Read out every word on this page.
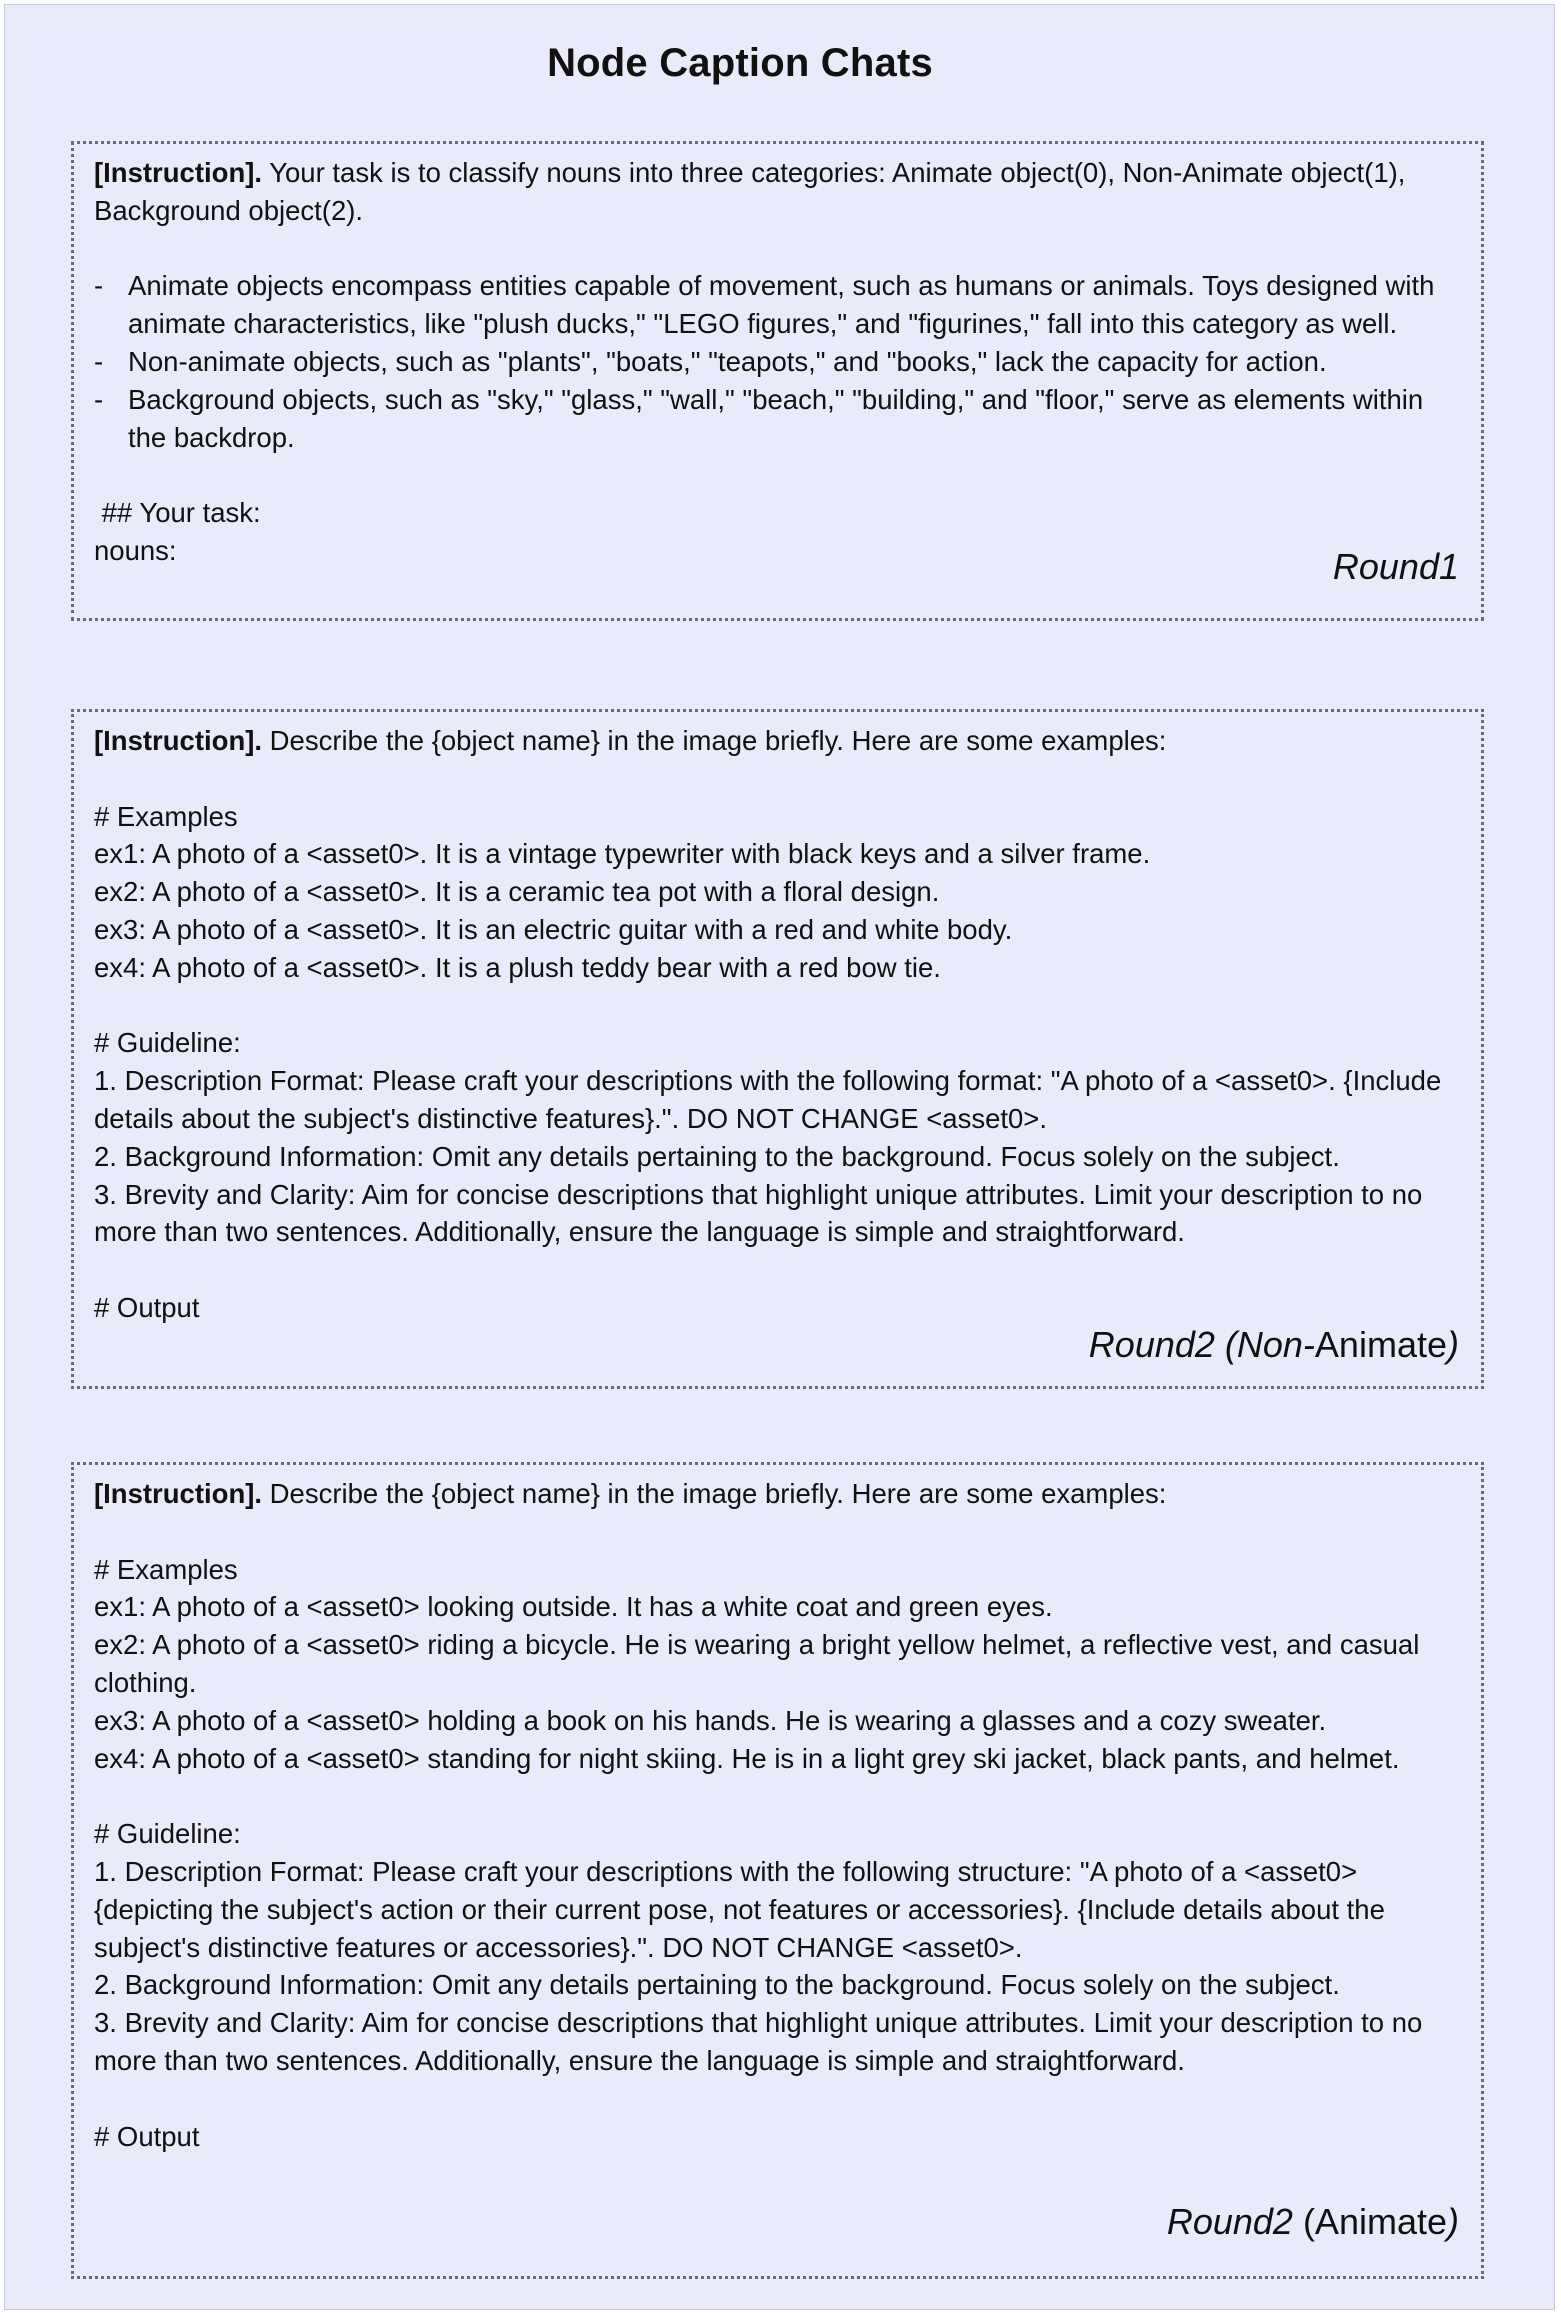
Node Caption Chats
[Instruction]. Your task is to classify nouns into three categories: Animate object(0), Non-Animate object(1), Background object(2).
- Animate objects encompass entities capable of movement, such as humans or animals. Toys designed with animate characteristics, like "plush ducks," "LEGO figures," and "figurines," fall into this category as well.
- Non-animate objects, such as "plants", "boats," "teapots," and "books," lack the capacity for action.
- Background objects, such as "sky," "glass," "wall," "beach," "building," and "floor," serve as elements within the backdrop.
## Your task:
nouns:	Round1
[Instruction]. Describe the {object name} in the image briefly. Here are some examples:
# Examples
ex1: A photo of a <asset0>. It is a vintage typewriter with black keys and a silver frame.
ex2: A photo of a <asset0>. It is a ceramic tea pot with a floral design.
ex3: A photo of a <asset0>. It is an electric guitar with a red and white body.
ex4: A photo of a <asset0>. It is a plush teddy bear with a red bow tie.
# Guideline:
1. Description Format: Please craft your descriptions with the following format: "A photo of a <asset0>. {Include details about the subject's distinctive features}.". DO NOT CHANGE <asset0>.
2. Background Information: Omit any details pertaining to the background. Focus solely on the subject.
3. Brevity and Clarity: Aim for concise descriptions that highlight unique attributes. Limit your description to no more than two sentences. Additionally, ensure the language is simple and straightforward.
# Output
Round2 (Non-Animate)
[Instruction]. Describe the {object name} in the image briefly. Here are some examples:
# Examples
ex1: A photo of a <asset0> looking outside. It has a white coat and green eyes.
ex2: A photo of a <asset0> riding a bicycle. He is wearing a bright yellow helmet, a reflective vest, and casual clothing.
ex3: A photo of a <asset0> holding a book on his hands. He is wearing a glasses and a cozy sweater.
ex4: A photo of a <asset0> standing for night skiing. He is in a light grey ski jacket, black pants, and helmet.
# Guideline:
1. Description Format: Please craft your descriptions with the following structure: "A photo of a <asset0> {depicting the subject's action or their current pose, not features or accessories}. {Include details about the subject's distinctive features or accessories}.". DO NOT CHANGE <asset0>.
2. Background Information: Omit any details pertaining to the background. Focus solely on the subject.
3. Brevity and Clarity: Aim for concise descriptions that highlight unique attributes. Limit your description to no more than two sentences. Additionally, ensure the language is simple and straightforward.
# Output
Round2 (Animate)
